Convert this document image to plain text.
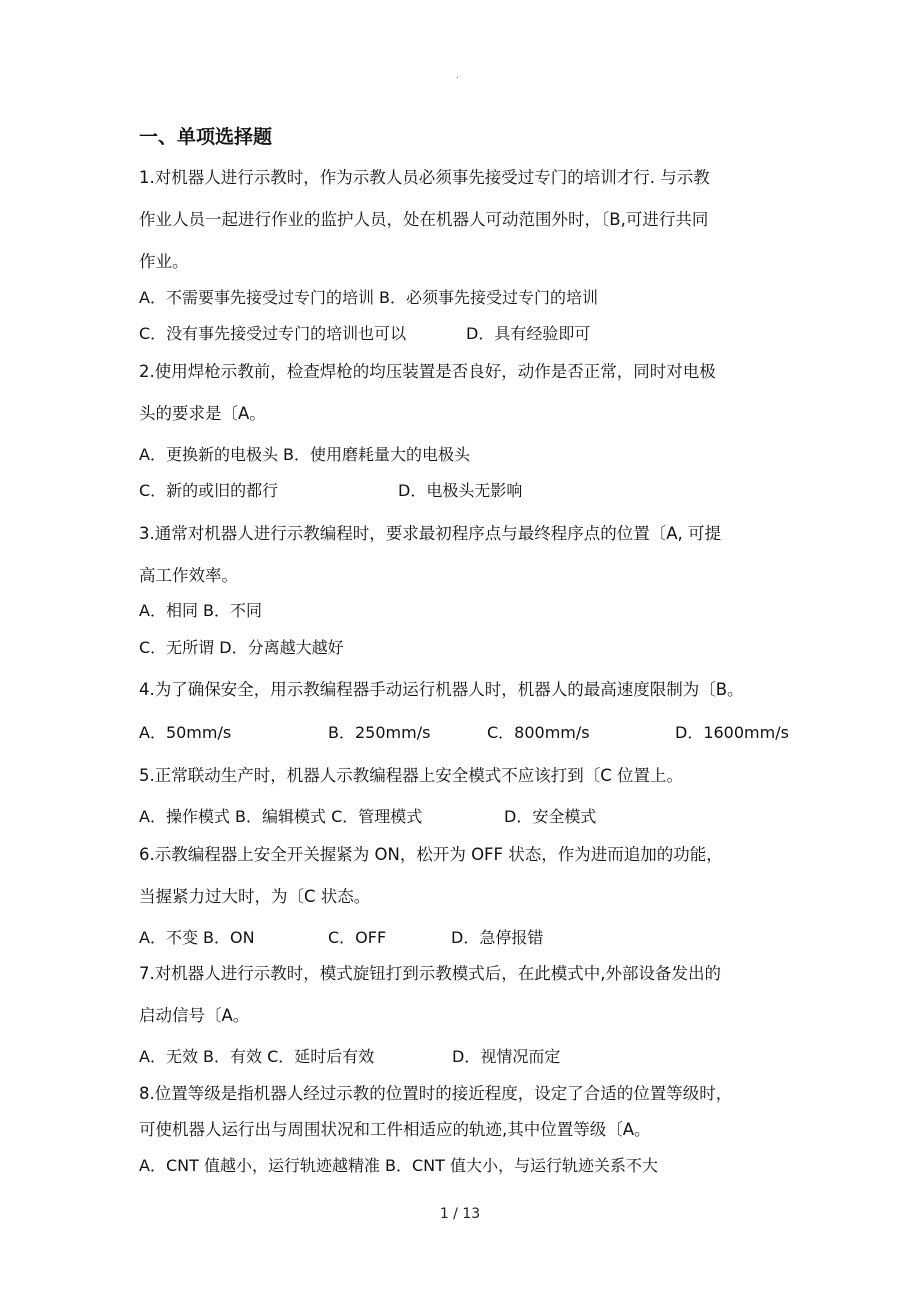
.
一、单项选择题
1.对机器人进行示教时，作为示教人员必须事先接受过专门的培训才行. 与示教
作业人员一起进行作业的监护人员，处在机器人可动范围外时，〔B,可进行共同
作业。
A．不需要事先接受过专门的培训 B．必须事先接受过专门的培训
C．没有事先接受过专门的培训也可以	D．具有经验即可
2.使用焊枪示教前，检查焊枪的均压装置是否良好，动作是否正常，同时对电极
头的要求是〔A。
A．更换新的电极头 B．使用磨耗量大的电极头
C．新的或旧的都行	D．电极头无影响
3.通常对机器人进行示教编程时，要求最初程序点与最终程序点的位置〔A, 可提
高工作效率。
A．相同 B．不同
C．无所谓 D．分离越大越好
4.为了确保安全，用示教编程器手动运行机器人时，机器人的最高速度限制为〔B。
A．50mm/s	B．250mm/s	C．800mm/s	D．1600mm/s
5.正常联动生产时，机器人示教编程器上安全模式不应该打到〔C 位置上。
A．操作模式 B．编辑模式 C．管理模式	D．安全模式
6.示教编程器上安全开关握紧为 ON，松开为 OFF 状态，作为进而追加的功能，
当握紧力过大时，为〔C 状态。
A．不变 B．ON	C．OFF	D．急停报错
7.对机器人进行示教时，模式旋钮打到示教模式后，在此模式中,外部设备发出的
启动信号〔A。
A．无效 B．有效 C．延时后有效	D．视情况而定
8.位置等级是指机器人经过示教的位置时的接近程度，设定了合适的位置等级时，
可使机器人运行出与周围状况和工件相适应的轨迹,其中位置等级〔A。
A．CNT 值越小，运行轨迹越精准 B．CNT 值大小，与运行轨迹关系不大
1 / 13
